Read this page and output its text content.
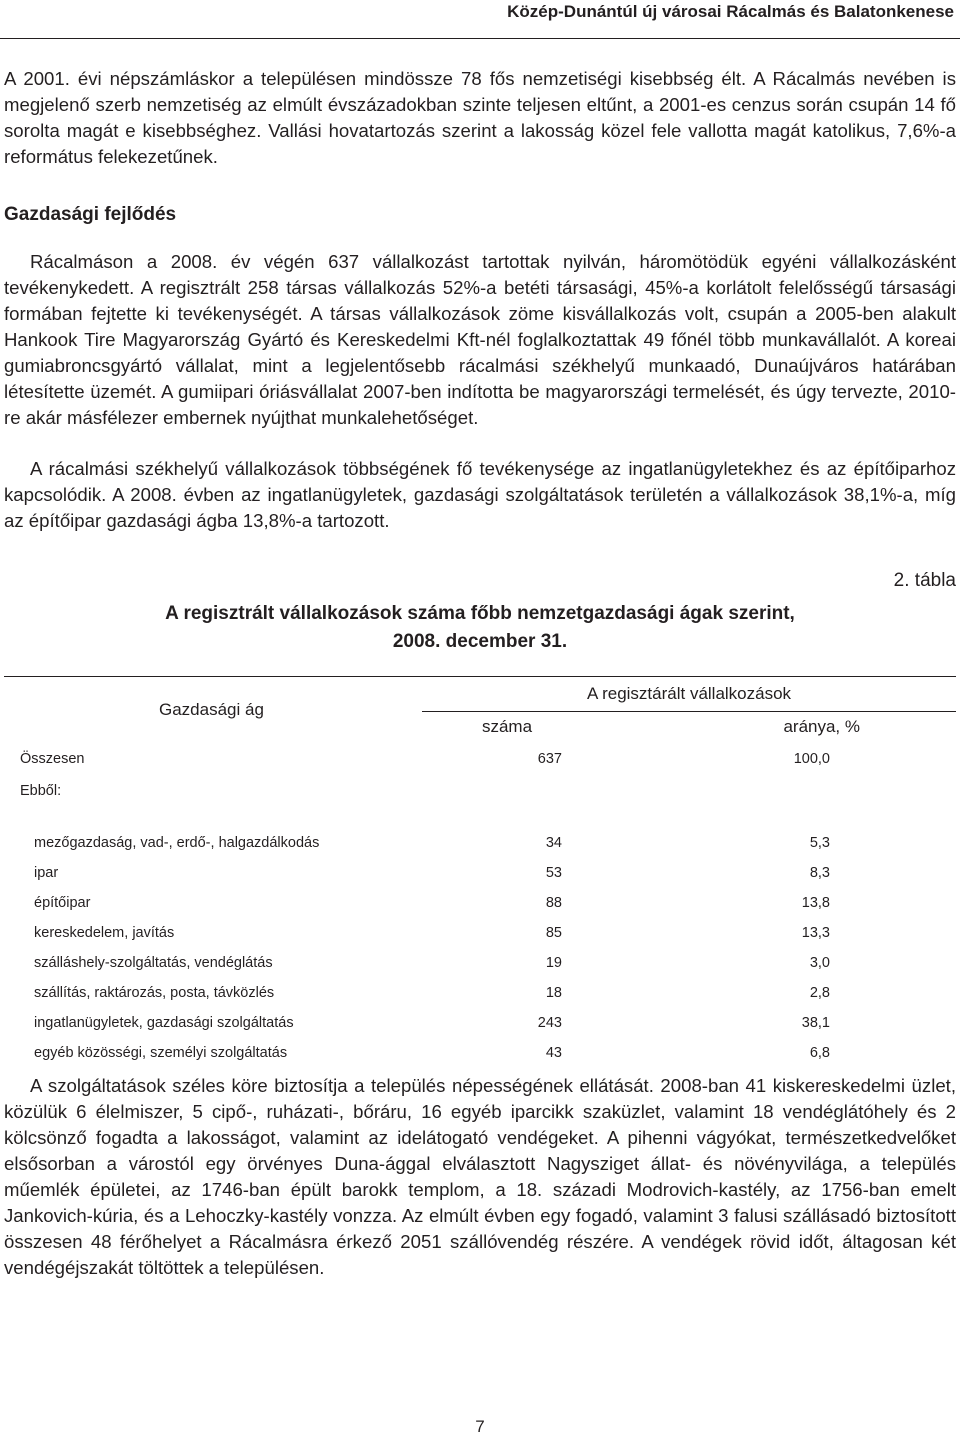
Közép-Dunántúl új városai Rácalmás és Balatonkenese

A 2001. évi népszámláskor a településen mindössze 78 fős nemzetiségi kisebbség élt. A Rácalmás nevében is megjelenő szerb nemzetiség az elmúlt évszázadokban szinte teljesen eltűnt, a 2001-es cenzus során csupán 14 fő sorolta magát e kisebbséghez. Vallási hovatartozás szerint a lakosság közel fele vallotta magát katolikus, 7,6%-a református felekezetűnek.

Gazdasági fejlődés

Rácalmáson a 2008. év végén 637 vállalkozást tartottak nyilván, háromötödük egyéni vállalkozásként tevékenykedett. A regisztrált 258 társas vállalkozás 52%-a betéti társasági, 45%-a korlátolt felelősségű társasági formában fejtette ki tevékenységét. A társas vállalkozások zöme kisvállalkozás volt, csupán a 2005-ben alakult Hankook Tire Magyarország Gyártó és Kereskedelmi Kft-nél foglalkoztattak 49 főnél több munkavállalót. A koreai gumiabroncsgyártó vállalat, mint a legjelentősebb rácalmási székhelyű munkaadó, Dunaújváros határában létesítette üzemét. A gumiipari óriásvállalat 2007-ben indította be magyarországi termelését, és úgy tervezte, 2010-re akár másfélezer embernek nyújthat munkalehetőséget.

A rácalmási székhelyű vállalkozások többségének fő tevékenysége az ingatlanügyletekhez és az építőiparhoz kapcsolódik. A 2008. évben az ingatlanügyletek, gazdasági szolgáltatások területén a vállalkozások 38,1%-a, míg az építőipar gazdasági ágba 13,8%-a tartozott.

2. tábla
A regisztrált vállalkozások száma főbb nemzetgazdasági ágak szerint,
2008. december 31.
Gazdasági ág	A regisztárált vállalkozások	
	száma	aránya, %
Összesen	637	100,0
Ebből:		

mezőgazdaság, vad-, erdő-, halgazdálkodás	34	5,3
ipar	53	8,3
építőipar	88	13,8
kereskedelem, javítás	85	13,3
szálláshely-szolgáltatás, vendéglátás	19	3,0
szállítás, raktározás, posta, távközlés	18	2,8
ingatlanügyletek, gazdasági szolgáltatás	243	38,1
egyéb közösségi, személyi szolgáltatás	43	6,8

A szolgáltatások széles köre biztosítja a település népességének ellátását. 2008-ban 41 kiskereskedelmi üzlet, közülük 6 élelmiszer, 5 cipő-, ruházati-, bőráru, 16 egyéb iparcikk szaküzlet, valamint 18 vendéglátóhely és 2 kölcsönző fogadta a lakosságot, valamint az idelátogató vendégeket. A pihenni vágyókat, természetkedvelőket elsősorban a várostól egy örvényes Duna-ággal elválasztott Nagysziget állat- és növényvilága, a település műemlék épületei, az 1746-ban épült barokk templom, a 18. századi Modrovich-kastély, az 1756-ban emelt Jankovich-kúria, és a Lehoczky-kastély vonzza. Az elmúlt évben egy fogadó, valamint 3 falusi szállásadó biztosított összesen 48 férőhelyet a Rácalmásra érkező 2051 szállóvendég részére. A vendégek rövid időt, áltagosan két vendégéjszakát töltöttek a településen.

7
